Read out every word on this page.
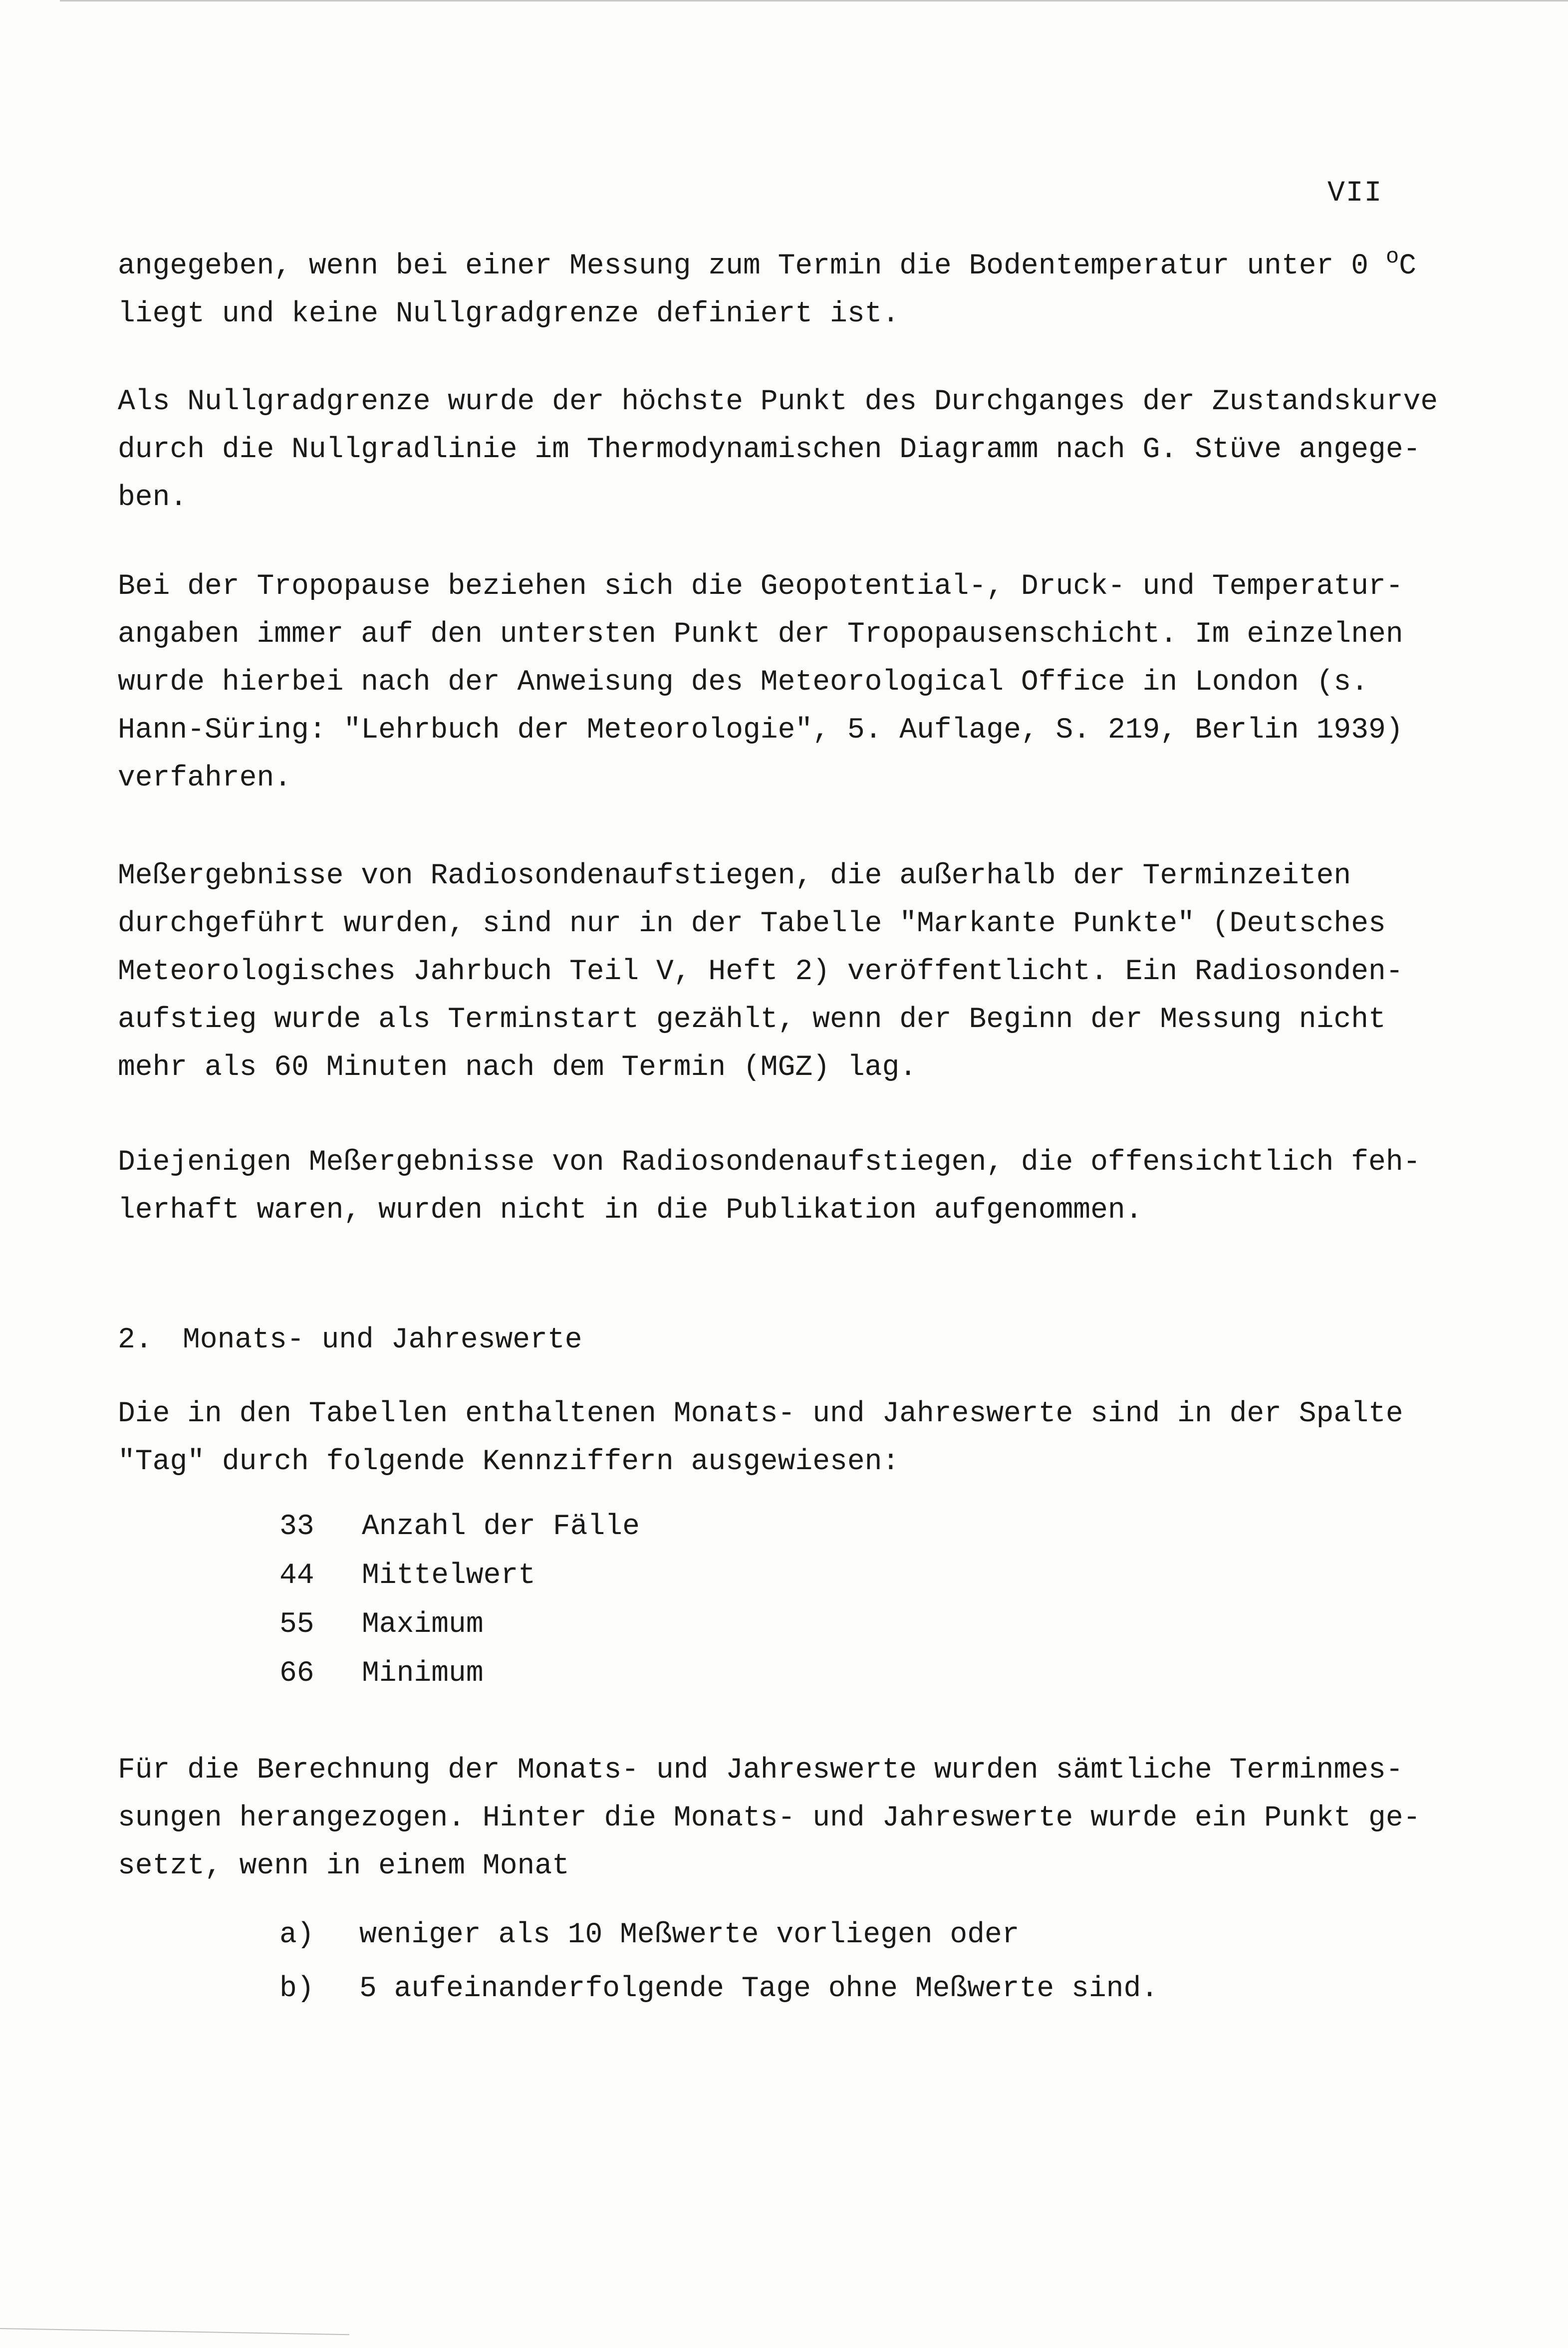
VII
angegeben, wenn bei einer Messung zum Termin die Bodentemperatur unter 0 $^o$C
liegt und keine Nullgradgrenze definiert ist.
Als Nullgradgrenze wurde der höchste Punkt des Durchganges der Zustandskurve
durch die Nullgradlinie im Thermodynamischen Diagramm nach G. Stüve angege-
ben.
Bei der Tropopause beziehen sich die Geopotential-, Druck- und Temperatur-
angaben immer auf den untersten Punkt der Tropopausenschicht. Im einzelnen
wurde hierbei nach der Anweisung des Meteorological Office in London (s.
Hann-Süring: "Lehrbuch der Meteorologie", 5. Auflage, S. 219, Berlin 1939)
verfahren.
Meßergebnisse von Radiosondenaufstiegen, die außerhalb der Terminzeiten
durchgeführt wurden, sind nur in der Tabelle "Markante Punkte" (Deutsches
Meteorologisches Jahrbuch Teil V, Heft 2) veröffentlicht. Ein Radiosonden-
aufstieg wurde als Terminstart gezählt, wenn der Beginn der Messung nicht
mehr als 60 Minuten nach dem Termin (MGZ) lag.
Diejenigen Meßergebnisse von Radiosondenaufstiegen, die offensichtlich feh-
lerhaft waren, wurden nicht in die Publikation aufgenommen.
2. Monats- und Jahreswerte
Die in den Tabellen enthaltenen Monats- und Jahreswerte sind in der Spalte
"Tag" durch folgende Kennziffern ausgewiesen:
33 Anzahl der Fälle
44 Mittelwert
55 Maximum
66 Minimum
Für die Berechnung der Monats- und Jahreswerte wurden sämtliche Terminmes-
sungen herangezogen. Hinter die Monats- und Jahreswerte wurde ein Punkt ge-
setzt, wenn in einem Monat
a) weniger als 10 Meßwerte vorliegen oder
b) 5 aufeinanderfolgende Tage ohne Meßwerte sind.
